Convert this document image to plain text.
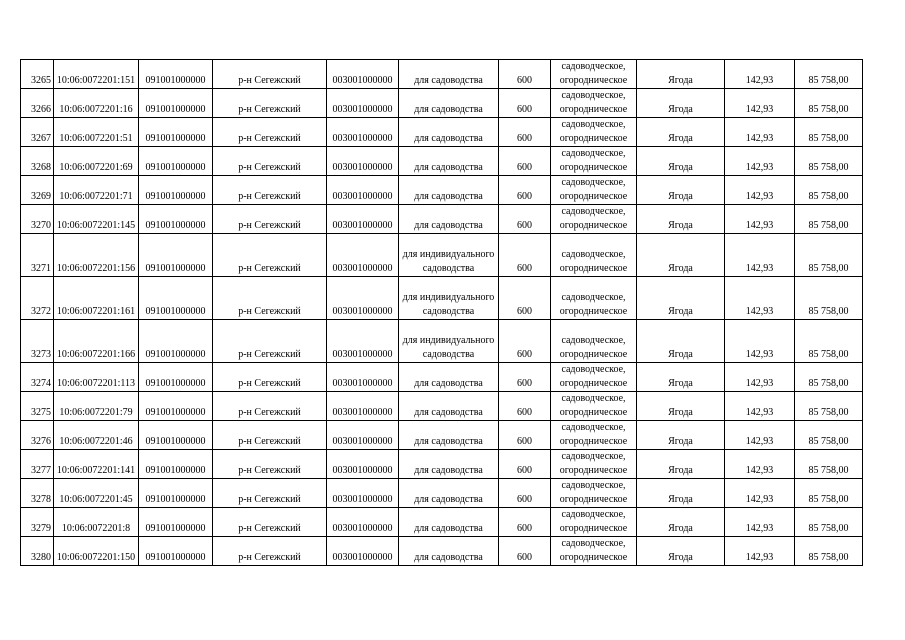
3265	10:06:0072201:151	091001000000	р-н Сегежский	003001000000	для садоводства	600	садоводческое, огородническое	Ягода	142,93	85 758,00
3266	10:06:0072201:16	091001000000	р-н Сегежский	003001000000	для садоводства	600	садоводческое, огородническое	Ягода	142,93	85 758,00
3267	10:06:0072201:51	091001000000	р-н Сегежский	003001000000	для садоводства	600	садоводческое, огородническое	Ягода	142,93	85 758,00
3268	10:06:0072201:69	091001000000	р-н Сегежский	003001000000	для садоводства	600	садоводческое, огородническое	Ягода	142,93	85 758,00
3269	10:06:0072201:71	091001000000	р-н Сегежский	003001000000	для садоводства	600	садоводческое, огородническое	Ягода	142,93	85 758,00
3270	10:06:0072201:145	091001000000	р-н Сегежский	003001000000	для садоводства	600	садоводческое, огородническое	Ягода	142,93	85 758,00
3271	10:06:0072201:156	091001000000	р-н Сегежский	003001000000	для индивидуального садоводства	600	садоводческое, огородническое	Ягода	142,93	85 758,00
3272	10:06:0072201:161	091001000000	р-н Сегежский	003001000000	для индивидуального садоводства	600	садоводческое, огородническое	Ягода	142,93	85 758,00
3273	10:06:0072201:166	091001000000	р-н Сегежский	003001000000	для индивидуального садоводства	600	садоводческое, огородническое	Ягода	142,93	85 758,00
3274	10:06:0072201:113	091001000000	р-н Сегежский	003001000000	для садоводства	600	садоводческое, огородническое	Ягода	142,93	85 758,00
3275	10:06:0072201:79	091001000000	р-н Сегежский	003001000000	для садоводства	600	садоводческое, огородническое	Ягода	142,93	85 758,00
3276	10:06:0072201:46	091001000000	р-н Сегежский	003001000000	для садоводства	600	садоводческое, огородническое	Ягода	142,93	85 758,00
3277	10:06:0072201:141	091001000000	р-н Сегежский	003001000000	для садоводства	600	садоводческое, огородническое	Ягода	142,93	85 758,00
3278	10:06:0072201:45	091001000000	р-н Сегежский	003001000000	для садоводства	600	садоводческое, огородническое	Ягода	142,93	85 758,00
3279	10:06:0072201:8	091001000000	р-н Сегежский	003001000000	для садоводства	600	садоводческое, огородническое	Ягода	142,93	85 758,00
3280	10:06:0072201:150	091001000000	р-н Сегежский	003001000000	для садоводства	600	садоводческое, огородническое	Ягода	142,93	85 758,00
